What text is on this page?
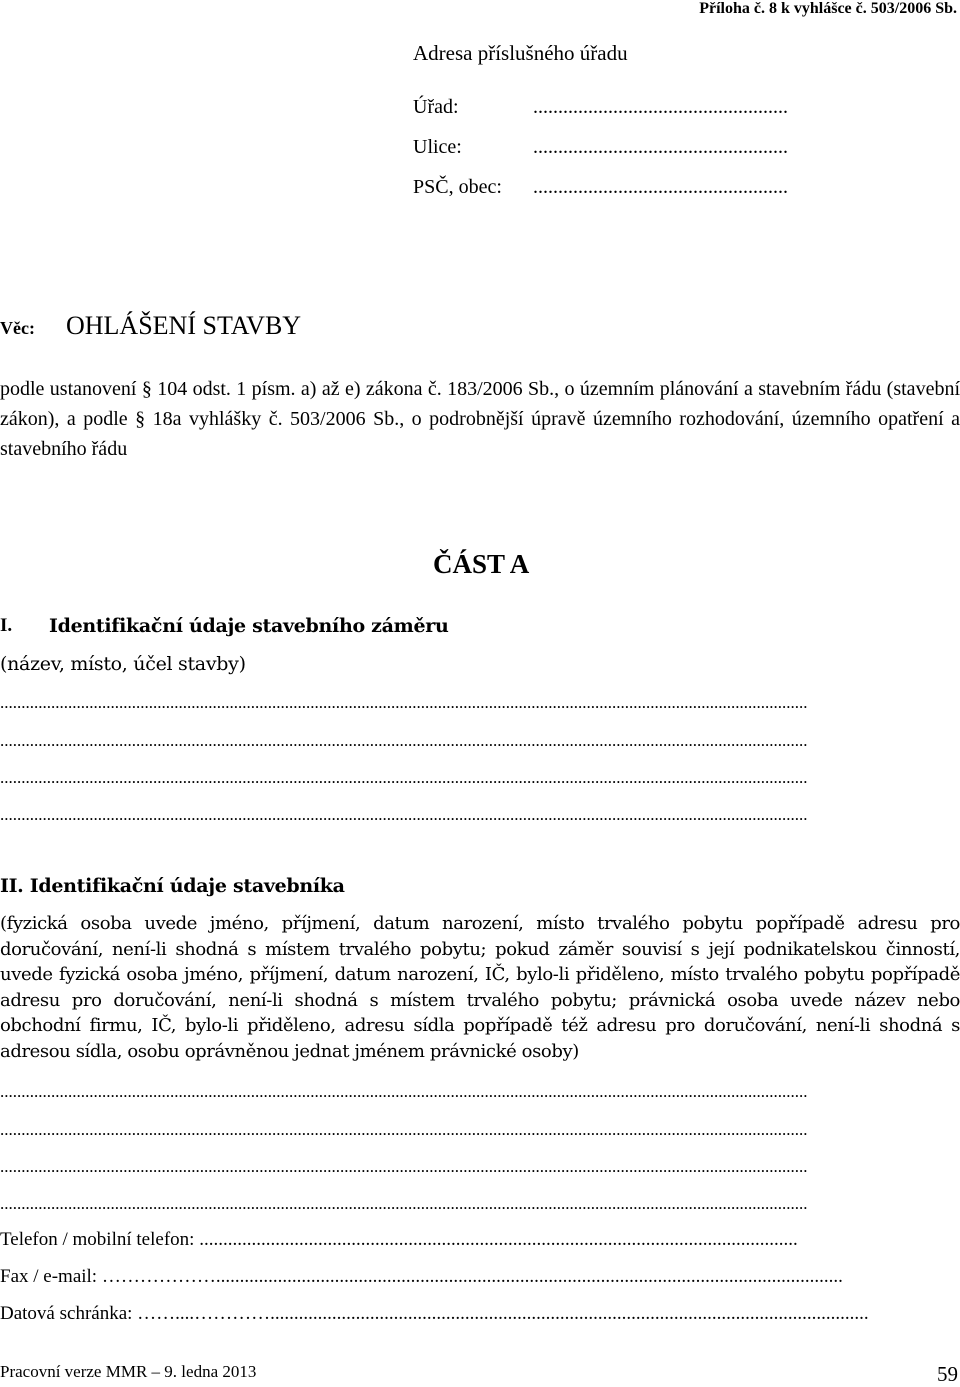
Příloha č. 8 k vyhlášce č. 503/2006 Sb.
Adresa příslušného úřadu
Úřad:	...................................................
Ulice:	...................................................
PSČ, obec: ...................................................
Věc: OHLÁŠENÍ STAVBY
podle ustanovení § 104 odst. 1 písm. a) až e) zákona č. 183/2006 Sb., o územním plánování a stavebním řádu (stavební zákon), a podle § 18a vyhlášky č. 503/2006 Sb., o podrobnější úpravě územního rozhodování, územního opatření a stavebního řádu
ČÁST A
I. Identifikační údaje stavebního záměru
(název, místo, účel stavby)
..............................................................................................................................................................................................
..............................................................................................................................................................................................
..............................................................................................................................................................................................
..............................................................................................................................................................................................
II. Identifikační údaje stavebníka
(fyzická osoba uvede jméno, příjmení, datum narození, místo trvalého pobytu popřípadě adresu pro doručování, není-li shodná s místem trvalého pobytu; pokud záměr souvisí s její podnikatelskou činností, uvede fyzická osoba jméno, příjmení, datum narození, IČ, bylo-li přiděleno, místo trvalého pobytu popřípadě adresu pro doručování, není-li shodná s místem trvalého pobytu; právnická osoba uvede název nebo obchodní firmu, IČ, bylo-li přiděleno, adresu sídla popřípadě též adresu pro doručování, není-li shodná s adresou sídla, osobu oprávněnou jednat jménem právnické osoby)
..............................................................................................................................................................................................
..............................................................................................................................................................................................
..............................................................................................................................................................................................
..............................................................................................................................................................................................
Telefon / mobilní telefon: ..............................................................................................................................
Fax / e-mail: ………………....................................................................................................................................
Datová schránka: ……....…………..............................................................................................................................
Pracovní verze MMR – 9. ledna 2013	59
